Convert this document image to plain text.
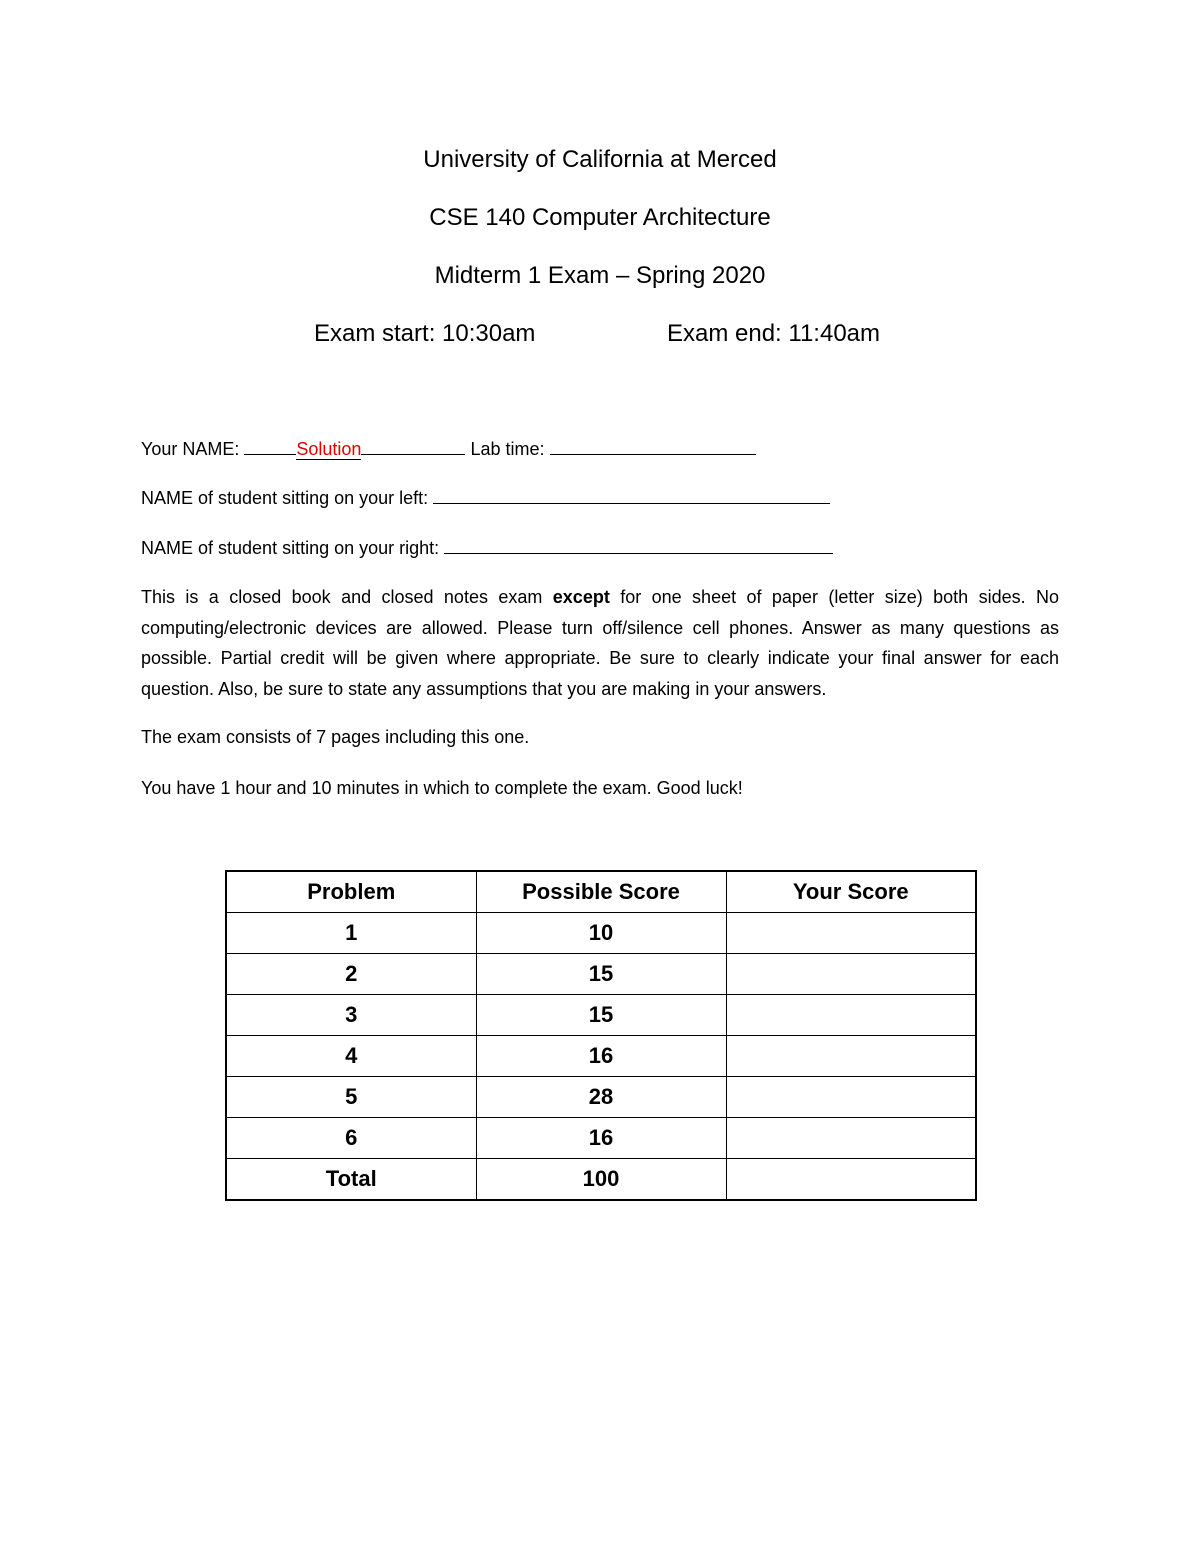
University of California at Merced
CSE 140 Computer Architecture
Midterm 1 Exam – Spring 2020
Exam start: 10:30am	Exam end: 11:40am
Your NAME:	Solution	Lab time:
NAME of student sitting on your left:
NAME of student sitting on your right:
This is a closed book and closed notes exam except for one sheet of paper (letter size) both sides. No computing/electronic devices are allowed. Please turn off/silence cell phones. Answer as many questions as possible. Partial credit will be given where appropriate. Be sure to clearly indicate your final answer for each question. Also, be sure to state any assumptions that you are making in your answers.
The exam consists of 7 pages including this one.
You have 1 hour and 10 minutes in which to complete the exam. Good luck!
Problem	Possible Score	Your Score
1	10	
2	15	
3	15	
4	16	
5	28	
6	16	
Total	100	
